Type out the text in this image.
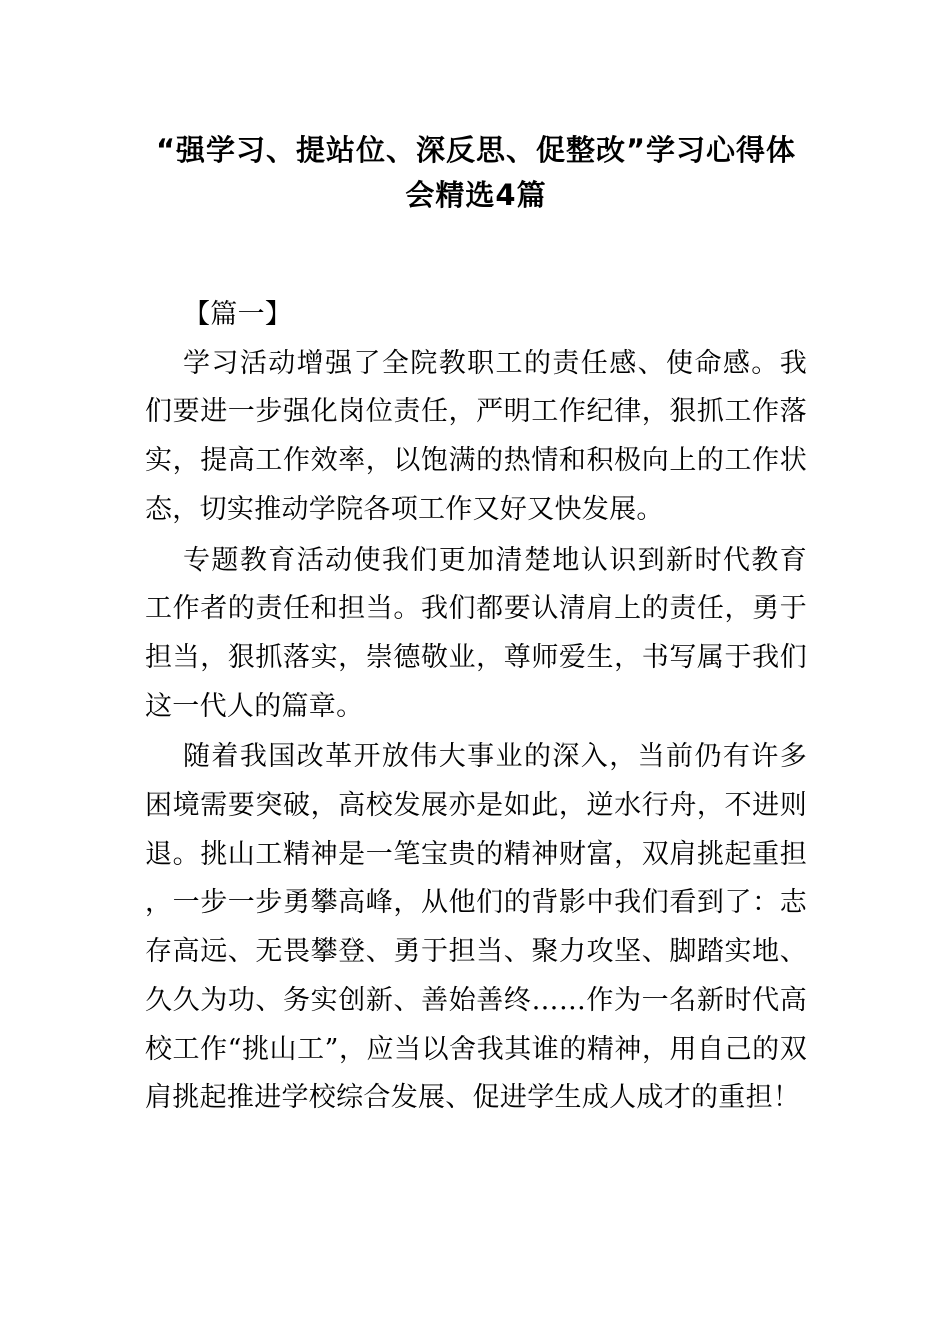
“强学习、提站位、深反思、促整改”学习心得体
会精选4篇

【篇一】

学习活动增强了全院教职工的责任感、使命感。我们要进一步强化岗位责任，严明工作纪律，狠抓工作落实，提高工作效率，以饱满的热情和积极向上的工作状态，切实推动学院各项工作又好又快发展。

专题教育活动使我们更加清楚地认识到新时代教育工作者的责任和担当。我们都要认清肩上的责任，勇于担当，狠抓落实，崇德敬业，尊师爱生，书写属于我们这一代人的篇章。

随着我国改革开放伟大事业的深入，当前仍有许多困境需要突破，高校发展亦是如此，逆水行舟，不进则退。挑山工精神是一笔宝贵的精神财富，双肩挑起重担，一步一步勇攀高峰，从他们的背影中我们看到了：志存高远、无畏攀登、勇于担当、聚力攻坚、脚踏实地、久久为功、务实创新、善始善终……作为一名新时代高校工作“挑山工”，应当以舍我其谁的精神，用自己的双肩挑起推进学校综合发展、促进学生成人成才的重担！
